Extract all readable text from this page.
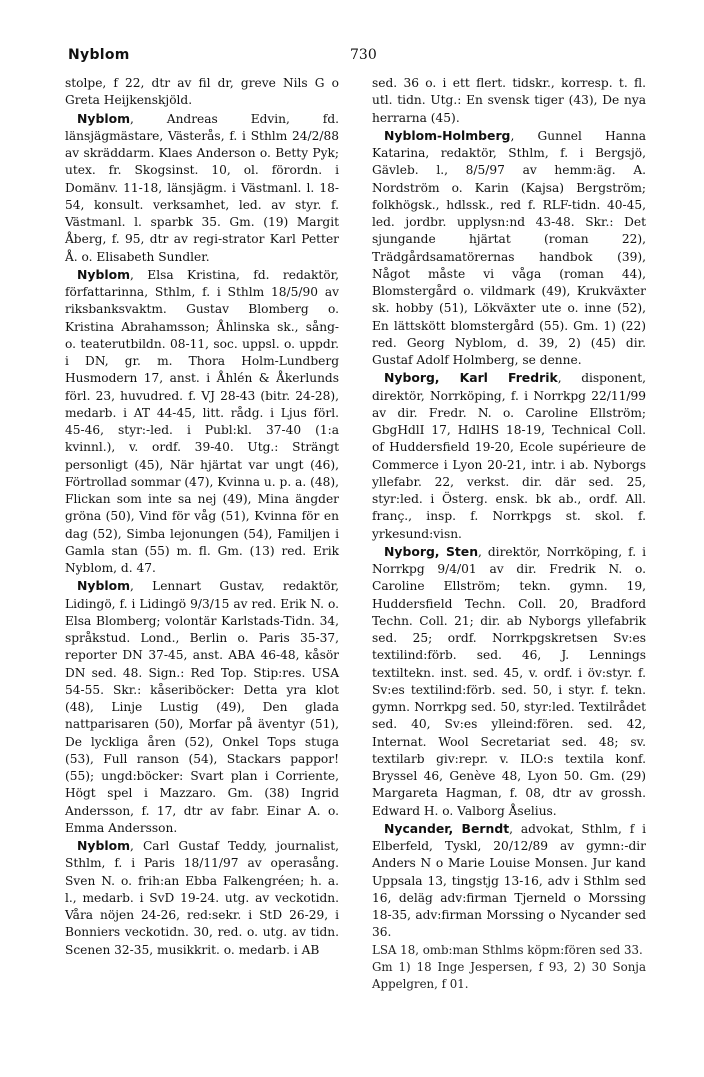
Nyblom	730

stolpe, f 22, dtr av fil dr, greve Nils G o Greta Heijkenskjöld.

Nyblom, Andreas Edvin, fd. länsjägmästare, Västerås, f. i Sthlm 24/2/88 av skräddarm. Klaes Anderson o. Betty Pyk; utex. fr. Skogsinst. 10, ol. förordn. i Domänv. 11-18, länsjägm. i Västmanl. l. 18-54, konsult. verksamhet, led. av styr. f. Västmanl. l. sparbk 35. Gm. (19) Margit Åberg, f. 95, dtr av regi-strator Karl Petter Å. o. Elisabeth Sundler.

Nyblom, Elsa Kristina, fd. redaktör, författarinna, Sthlm, f. i Sthlm 18/5/90 av riksbanksvaktm. Gustav Blomberg o. Kristina Abrahamsson; Åhlinska sk., sång- o. teaterutbildn. 08-11, soc. uppsl. o. uppdr. i DN, gr. m. Thora Holm-Lundberg Husmodern 17, anst. i Åhlén & Åkerlunds förl. 23, huvudred. f. VJ 28-43 (bitr. 24-28), medarb. i AT 44-45, litt. rådg. i Ljus förl. 45-46, styr:-led. i Publ:kl. 37-40 (1:a kvinnl.), v. ordf. 39-40. Utg.: Strängt personligt (45), När hjärtat var ungt (46), Förtrollad sommar (47), Kvinna u. p. a. (48), Flickan som inte sa nej (49), Mina ängder gröna (50), Vind för våg (51), Kvinna för en dag (52), Simba lejonungen (54), Familjen i Gamla stan (55) m. fl. Gm. (13) red. Erik Nyblom, d. 47.

Nyblom, Lennart Gustav, redaktör, Lidingö, f. i Lidingö 9/3/15 av red. Erik N. o. Elsa Blomberg; volontär Karlstads-Tidn. 34, språkstud. Lond., Berlin o. Paris 35-37, reporter DN 37-45, anst. ABA 46-48, kåsör DN sed. 48. Sign.: Red Top. Stip:res. USA 54-55. Skr.: kåseriböcker: Detta yra klot (48), Linje Lustig (49), Den glada nattparisaren (50), Morfar på äventyr (51), De lyckliga åren (52), Onkel Tops stuga (53), Full ranson (54), Stackars pappor! (55); ungd:böcker: Svart plan i Corriente, Högt spel i Mazzaro. Gm. (38) Ingrid Andersson, f. 17, dtr av fabr. Einar A. o. Emma Andersson.

Nyblom, Carl Gustaf Teddy, journalist, Sthlm, f. i Paris 18/11/97 av operasång. Sven N. o. frih:an Ebba Falkengréen; h. a. l., medarb. i SvD 19-24. utg. av veckotidn. Våra nöjen 24-26, red:sekr. i StD 26-29, i Bonniers veckotidn. 30, red. o. utg. av tidn. Scenen 32-35, musikkrit. o. medarb. i AB

sed. 36 o. i ett flert. tidskr., korresp. t. fl. utl. tidn. Utg.: En svensk tiger (43), De nya herrarna (45).

Nyblom-Holmberg, Gunnel Hanna Katarina, redaktör, Sthlm, f. i Bergsjö, Gävleb. l., 8/5/97 av hemm:äg. A. Nordström o. Karin (Kajsa) Bergström; folkhögsk., hdlssk., red f. RLF-tidn. 40-45, led. jordbr. upplysn:nd 43-48. Skr.: Det sjungande hjärtat (roman 22), Trädgårdsamatörernas handbok (39), Något måste vi våga (roman 44), Blomstergård o. vildmark (49), Krukväxter sk. hobby (51), Lökväxter ute o. inne (52), En lättskött blomstergård (55). Gm. 1) (22) red. Georg Nyblom, d. 39, 2) (45) dir. Gustaf Adolf Holmberg, se denne.

Nyborg, Karl Fredrik, disponent, direktör, Norrköping, f. i Norrkpg 22/11/99 av dir. Fredr. N. o. Caroline Ellström; GbgHdlI 17, HdlHS 18-19, Technical Coll. of Huddersfield 19-20, Ecole supérieure de Commerce i Lyon 20-21, intr. i ab. Nyborgs yllefabr. 22, verkst. dir. där sed. 25, styr:led. i Österg. ensk. bk ab., ordf. All. franç., insp. f. Norrkpgs st. skol. f. yrkesund:visn.

Nyborg, Sten, direktör, Norrköping, f. i Norrkpg 9/4/01 av dir. Fredrik N. o. Caroline Ellström; tekn. gymn. 19, Huddersfield Techn. Coll. 20, Bradford Techn. Coll. 21; dir. ab Nyborgs yllefabrik sed. 25; ordf. Norrkpgskretsen Sv:es textilind:förb. sed. 46, J. Lennings textiltekn. inst. sed. 45, v. ordf. i öv:styr. f. Sv:es textilind:förb. sed. 50, i styr. f. tekn. gymn. Norrkpg sed. 50, styr:led. Textilrådet sed. 40, Sv:es ylleind:fören. sed. 42, Internat. Wool Secretariat sed. 48; sv. textilarb giv:repr. v. ILO:s textila konf. Bryssel 46, Genève 48, Lyon 50. Gm. (29) Margareta Hagman, f. 08, dtr av grossh. Edward H. o. Valborg Åselius.

Nycander, Berndt, advokat, Sthlm, f i Elberfeld, Tyskl, 20/12/89 av gymn:-dir Anders N o Marie Louise Monsen. Jur kand Uppsala 13, tingstjg 13-16, adv i Sthlm sed 16, deläg adv:firman Tjerneld o Morssing 18-35, adv:firman Morssing o Nycander sed 36.

LSA 18, omb:man Sthlms köpm:fören sed 33.

Gm 1) 18 Inge Jespersen, f 93, 2) 30 Sonja Appelgren, f 01.
